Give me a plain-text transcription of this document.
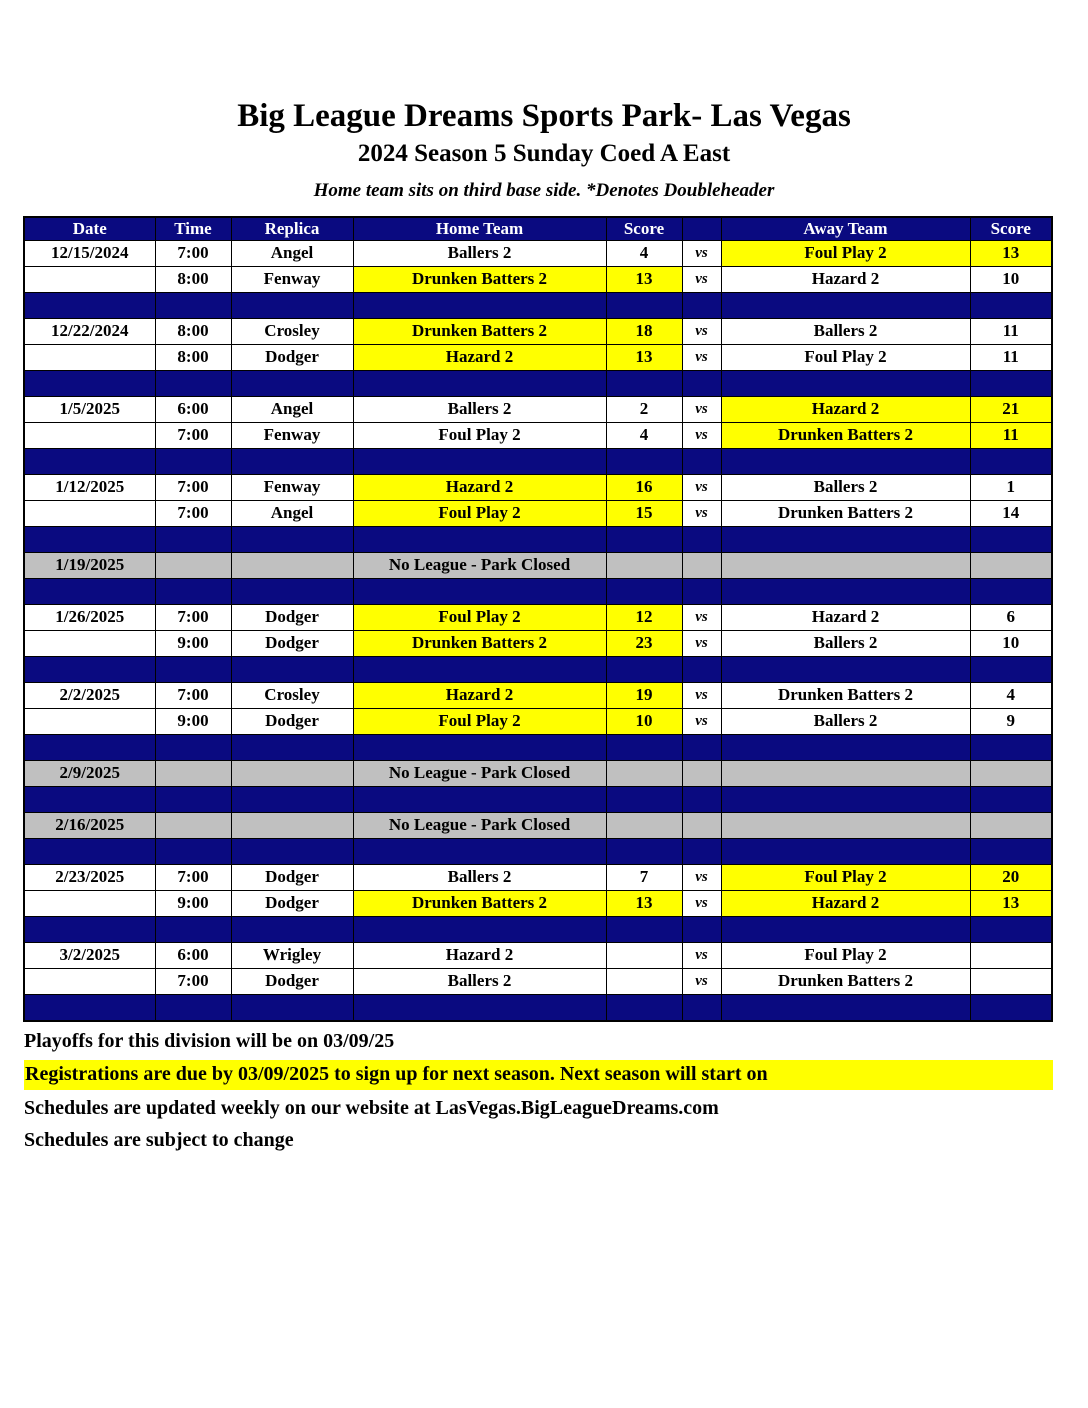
Big League Dreams Sports Park- Las Vegas
2024 Season 5 Sunday Coed A East

Home team sits on third base side. *Denotes Doubleheader

Date	Time	Replica	Home Team	Score		Away Team	Score
12/15/2024	7:00	Angel	Ballers 2	4	vs	Foul Play 2	13
	8:00	Fenway	Drunken Batters 2	13	vs	Hazard 2	10

12/22/2024	8:00	Crosley	Drunken Batters 2	18	vs	Ballers 2	11
	8:00	Dodger	Hazard 2	13	vs	Foul Play 2	11

1/5/2025	6:00	Angel	Ballers 2	2	vs	Hazard 2	21
	7:00	Fenway	Foul Play 2	4	vs	Drunken Batters 2	11

1/12/2025	7:00	Fenway	Hazard 2	16	vs	Ballers 2	1
	7:00	Angel	Foul Play 2	15	vs	Drunken Batters 2	14

1/19/2025			No League - Park Closed				

1/26/2025	7:00	Dodger	Foul Play 2	12	vs	Hazard 2	6
	9:00	Dodger	Drunken Batters 2	23	vs	Ballers 2	10

2/2/2025	7:00	Crosley	Hazard 2	19	vs	Drunken Batters 2	4
	9:00	Dodger	Foul Play 2	10	vs	Ballers 2	9

2/9/2025			No League - Park Closed				

2/16/2025			No League - Park Closed				

2/23/2025	7:00	Dodger	Ballers 2	7	vs	Foul Play 2	20
	9:00	Dodger	Drunken Batters 2	13	vs	Hazard 2	13

3/2/2025	6:00	Wrigley	Hazard 2		vs	Foul Play 2	
	7:00	Dodger	Ballers 2		vs	Drunken Batters 2	

Playoffs for this division will be on 03/09/25

Registrations are due by 03/09/2025 to sign up for next season. Next season will start on

Schedules are updated weekly on our website at LasVegas.BigLeagueDreams.com

Schedules are subject to change
